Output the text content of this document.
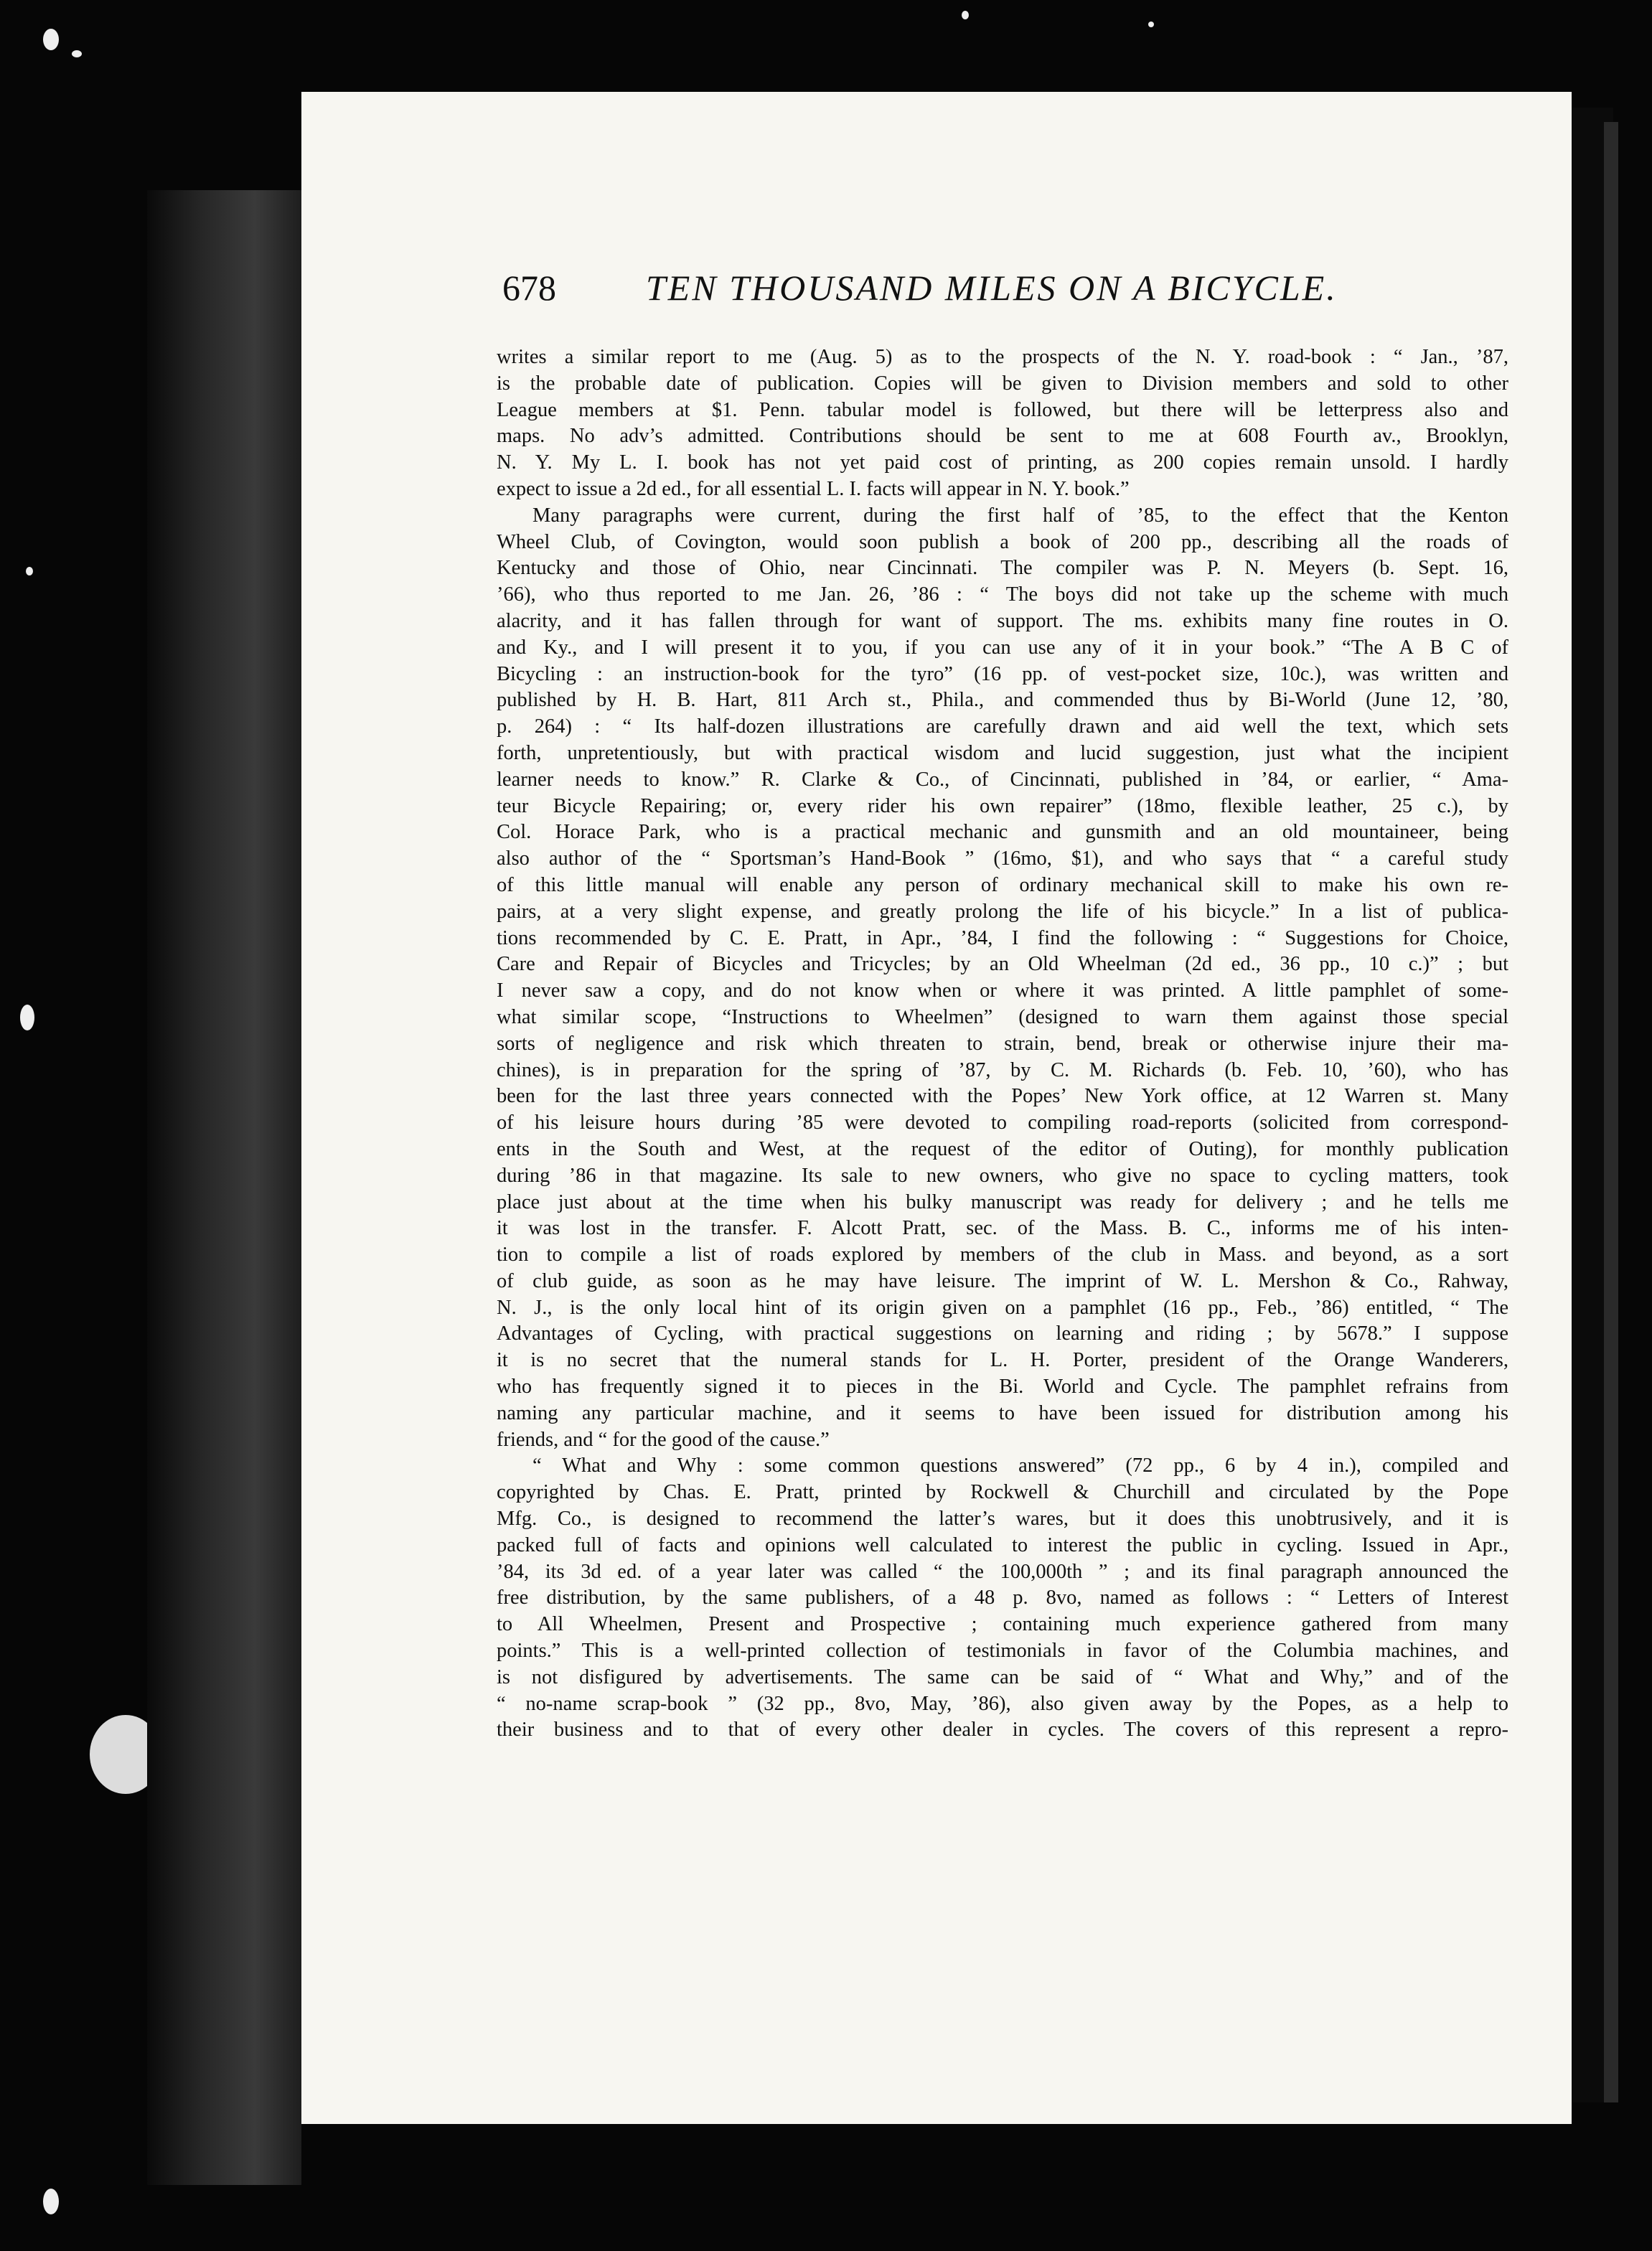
678	TEN THOUSAND MILES ON A BICYCLE.
writes a similar report to me (Aug. 5) as to the prospects of the N. Y. road-book : “ Jan., ’87,
is the probable date of publication. Copies will be given to Division members and sold to other
League members at $1. Penn. tabular model is followed, but there will be letterpress also and
maps. No adv’s admitted. Contributions should be sent to me at 608 Fourth av., Brooklyn,
N. Y. My L. I. book has not yet paid cost of printing, as 200 copies remain unsold. I hardly
expect to issue a 2d ed., for all essential L. I. facts will appear in N. Y. book.”
Many paragraphs were current, during the first half of ’85, to the effect that the Kenton
Wheel Club, of Covington, would soon publish a book of 200 pp., describing all the roads of
Kentucky and those of Ohio, near Cincinnati. The compiler was P. N. Meyers (b. Sept. 16,
’66), who thus reported to me Jan. 26, ’86 : “ The boys did not take up the scheme with much
alacrity, and it has fallen through for want of support. The ms. exhibits many fine routes in O.
and Ky., and I will present it to you, if you can use any of it in your book.” “The A B C of
Bicycling : an instruction-book for the tyro” (16 pp. of vest-pocket size, 10c.), was written and
published by H. B. Hart, 811 Arch st., Phila., and commended thus by Bi-World (June 12, ’80,
p. 264) : “ Its half-dozen illustrations are carefully drawn and aid well the text, which sets
forth, unpretentiously, but with practical wisdom and lucid suggestion, just what the incipient
learner needs to know.” R. Clarke & Co., of Cincinnati, published in ’84, or earlier, “ Ama-
teur Bicycle Repairing; or, every rider his own repairer” (18mo, flexible leather, 25 c.), by
Col. Horace Park, who is a practical mechanic and gunsmith and an old mountaineer, being
also author of the “ Sportsman’s Hand-Book ” (16mo, $1), and who says that “ a careful study
of this little manual will enable any person of ordinary mechanical skill to make his own re-
pairs, at a very slight expense, and greatly prolong the life of his bicycle.” In a list of publica-
tions recommended by C. E. Pratt, in Apr., ’84, I find the following : “ Suggestions for Choice,
Care and Repair of Bicycles and Tricycles; by an Old Wheelman (2d ed., 36 pp., 10 c.)” ; but
I never saw a copy, and do not know when or where it was printed. A little pamphlet of some-
what similar scope, “Instructions to Wheelmen” (designed to warn them against those special
sorts of negligence and risk which threaten to strain, bend, break or otherwise injure their ma-
chines), is in preparation for the spring of ’87, by C. M. Richards (b. Feb. 10, ’60), who has
been for the last three years connected with the Popes’ New York office, at 12 Warren st. Many
of his leisure hours during ’85 were devoted to compiling road-reports (solicited from correspond-
ents in the South and West, at the request of the editor of Outing), for monthly publication
during ’86 in that magazine. Its sale to new owners, who give no space to cycling matters, took
place just about at the time when his bulky manuscript was ready for delivery ; and he tells me
it was lost in the transfer. F. Alcott Pratt, sec. of the Mass. B. C., informs me of his inten-
tion to compile a list of roads explored by members of the club in Mass. and beyond, as a sort
of club guide, as soon as he may have leisure. The imprint of W. L. Mershon & Co., Rahway,
N. J., is the only local hint of its origin given on a pamphlet (16 pp., Feb., ’86) entitled, “ The
Advantages of Cycling, with practical suggestions on learning and riding ; by 5678.” I suppose
it is no secret that the numeral stands for L. H. Porter, president of the Orange Wanderers,
who has frequently signed it to pieces in the Bi. World and Cycle. The pamphlet refrains from
naming any particular machine, and it seems to have been issued for distribution among his
friends, and “ for the good of the cause.”
“ What and Why : some common questions answered” (72 pp., 6 by 4 in.), compiled and
copyrighted by Chas. E. Pratt, printed by Rockwell & Churchill and circulated by the Pope
Mfg. Co., is designed to recommend the latter’s wares, but it does this unobtrusively, and it is
packed full of facts and opinions well calculated to interest the public in cycling. Issued in Apr.,
’84, its 3d ed. of a year later was called “ the 100,000th ” ; and its final paragraph announced the
free distribution, by the same publishers, of a 48 p. 8vo, named as follows : “ Letters of Interest
to All Wheelmen, Present and Prospective ; containing much experience gathered from many
points.” This is a well-printed collection of testimonials in favor of the Columbia machines, and
is not disfigured by advertisements. The same can be said of “ What and Why,” and of the
“ no-name scrap-book ” (32 pp., 8vo, May, ’86), also given away by the Popes, as a help to
their business and to that of every other dealer in cycles. The covers of this represent a repro-
